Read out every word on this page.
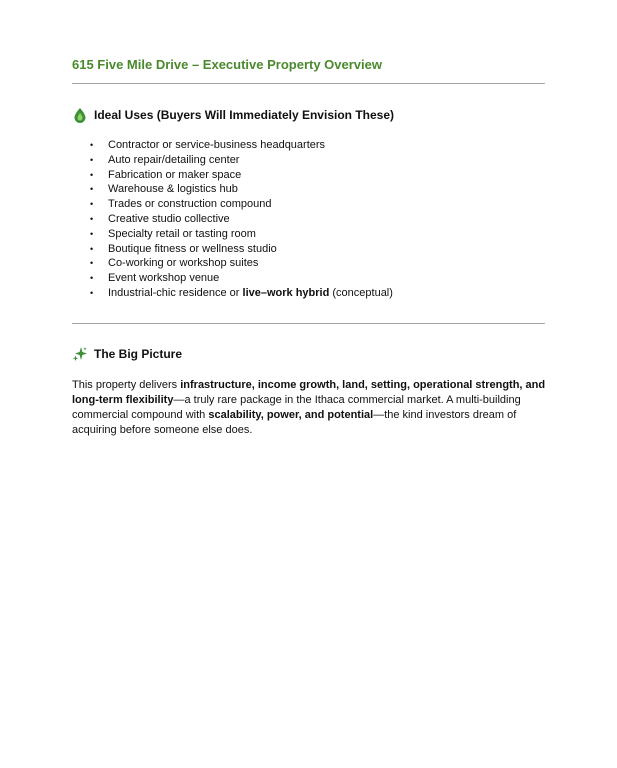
615 Five Mile Drive – Executive Property Overview
Ideal Uses (Buyers Will Immediately Envision These)
• Contractor or service-business headquarters
• Auto repair/detailing center
• Fabrication or maker space
• Warehouse & logistics hub
• Trades or construction compound
• Creative studio collective
• Specialty retail or tasting room
• Boutique fitness or wellness studio
• Co-working or workshop suites
• Event workshop venue
• Industrial-chic residence or live–work hybrid (conceptual)
The Big Picture

This property delivers infrastructure, income growth, land, setting, operational strength, and long-term flexibility—a truly rare package in the Ithaca commercial market. A multi-building commercial compound with scalability, power, and potential—the kind investors dream of acquiring before someone else does.
